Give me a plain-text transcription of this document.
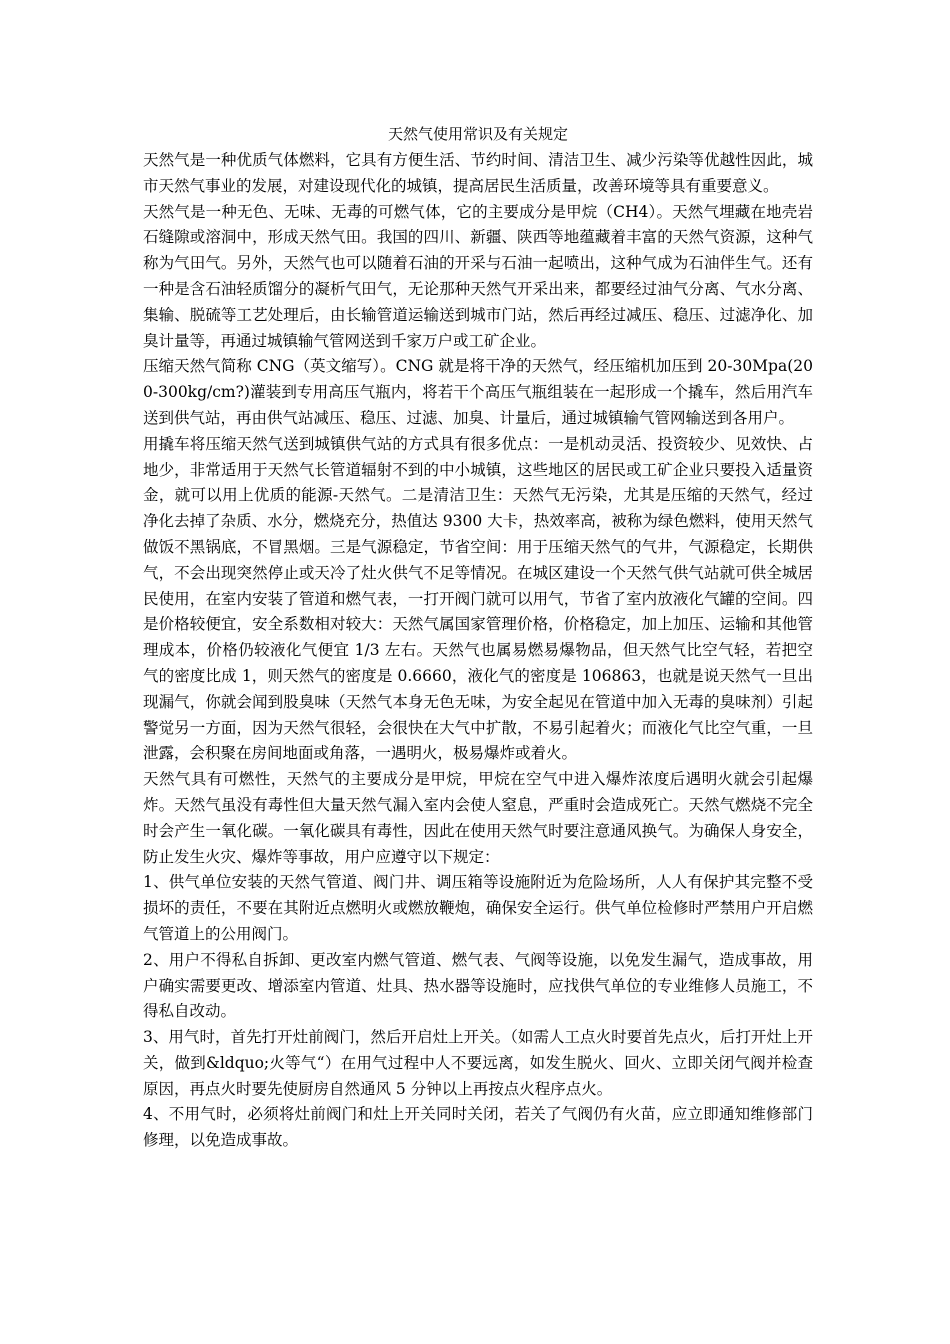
天然气使用常识及有关规定

天然气是一种优质气体燃料，它具有方便生活、节约时间、清洁卫生、减少污染等优越性因此，城市天然气事业的发展，对建设现代化的城镇，提高居民生活质量，改善环境等具有重要意义。

天然气是一种无色、无味、无毒的可燃气体，它的主要成分是甲烷（CH4）。天然气埋藏在地壳岩石缝隙或溶洞中，形成天然气田。我国的四川、新疆、陕西等地蕴藏着丰富的天然气资源，这种气称为气田气。另外，天然气也可以随着石油的开采与石油一起喷出，这种气成为石油伴生气。还有一种是含石油轻质馏分的凝析气田气，无论那种天然气开采出来，都要经过油气分离、气水分离、集输、脱硫等工艺处理后，由长输管道运输送到城市门站，然后再经过减压、稳压、过滤净化、加臭计量等，再通过城镇输气管网送到千家万户或工矿企业。

压缩天然气简称 CNG（英文缩写）。CNG 就是将干净的天然气，经压缩机加压到 20-30Mpa(200-300kg/cm?)灌装到专用高压气瓶内，将若干个高压气瓶组装在一起形成一个撬车，然后用汽车送到供气站，再由供气站减压、稳压、过滤、加臭、计量后，通过城镇输气管网输送到各用户。

用撬车将压缩天然气送到城镇供气站的方式具有很多优点：一是机动灵活、投资较少、见效快、占地少，非常适用于天然气长管道辐射不到的中小城镇，这些地区的居民或工矿企业只要投入适量资金，就可以用上优质的能源-天然气。二是清洁卫生：天然气无污染，尤其是压缩的天然气，经过净化去掉了杂质、水分，燃烧充分，热值达 9300 大卡，热效率高，被称为绿色燃料，使用天然气做饭不黑锅底，不冒黑烟。三是气源稳定，节省空间：用于压缩天然气的气井，气源稳定，长期供气，不会出现突然停止或天冷了灶火供气不足等情况。在城区建设一个天然气供气站就可供全城居民使用，在室内安装了管道和燃气表，一打开阀门就可以用气，节省了室内放液化气罐的空间。四是价格较便宜，安全系数相对较大：天然气属国家管理价格，价格稳定，加上加压、运输和其他管理成本，价格仍较液化气便宜 1/3 左右。天然气也属易燃易爆物品，但天然气比空气轻，若把空气的密度比成 1，则天然气的密度是 0.6660，液化气的密度是 106863，也就是说天然气一旦出现漏气，你就会闻到股臭味（天然气本身无色无味，为安全起见在管道中加入无毒的臭味剂）引起警觉另一方面，因为天然气很轻，会很快在大气中扩散，不易引起着火；而液化气比空气重，一旦泄露，会积聚在房间地面或角落，一遇明火，极易爆炸或着火。

天然气具有可燃性，天然气的主要成分是甲烷，甲烷在空气中进入爆炸浓度后遇明火就会引起爆炸。天然气虽没有毒性但大量天然气漏入室内会使人窒息，严重时会造成死亡。天然气燃烧不完全时会产生一氧化碳。一氧化碳具有毒性，因此在使用天然气时要注意通风换气。为确保人身安全，防止发生火灾、爆炸等事故，用户应遵守以下规定：

1、供气单位安装的天然气管道、阀门井、调压箱等设施附近为危险场所，人人有保护其完整不受损坏的责任，不要在其附近点燃明火或燃放鞭炮，确保安全运行。供气单位检修时严禁用户开启燃气管道上的公用阀门。

2、用户不得私自拆卸、更改室内燃气管道、燃气表、气阀等设施，以免发生漏气，造成事故，用户确实需要更改、增添室内管道、灶具、热水器等设施时，应找供气单位的专业维修人员施工，不得私自改动。

3、用气时，首先打开灶前阀门，然后开启灶上开关。（如需人工点火时要首先点火，后打开灶上开关，做到&ldquo;火等气“）在用气过程中人不要远离，如发生脱火、回火、立即关闭气阀并检查原因，再点火时要先使厨房自然通风 5 分钟以上再按点火程序点火。

4、不用气时，必须将灶前阀门和灶上开关同时关闭，若关了气阀仍有火苗，应立即通知维修部门修理，以免造成事故。
